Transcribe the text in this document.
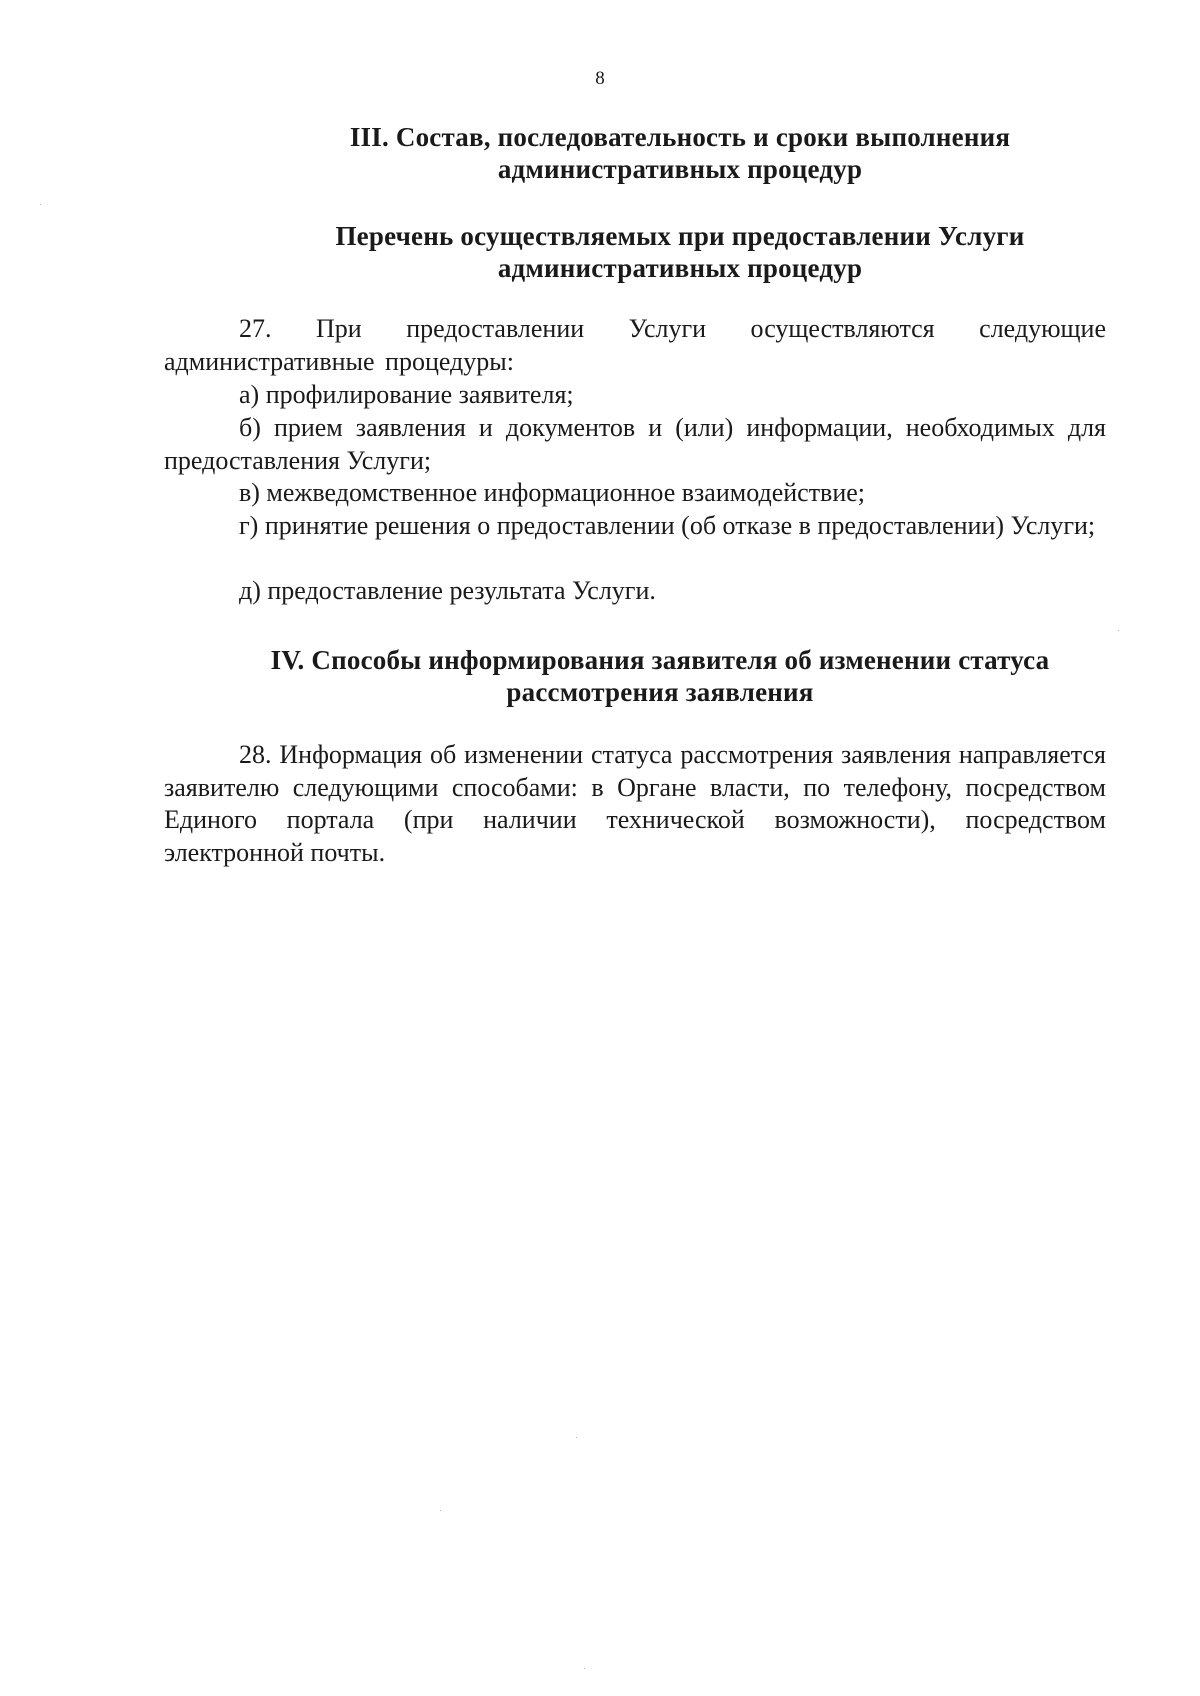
8
III. Состав, последовательность и сроки выполнения
административных процедур
Перечень осуществляемых при предоставлении Услуги
административных процедур

27. При предоставлении Услуги осуществляются следующие административные процедуры:

а) профилирование заявителя;

б) прием заявления и документов и (или) информации, необходимых для предоставления Услуги;

в) межведомственное информационное взаимодействие;

г) принятие решения о предоставлении (об отказе в предоставлении) Услуги;

д) предоставление результата Услуги.

IV. Способы информирования заявителя об изменении статуса
рассмотрения заявления

28. Информация об изменении статуса рассмотрения заявления направляется заявителю следующими способами: в Органе власти, по телефону, посредством Единого портала (при наличии технической возможности), посредством электронной почты.
